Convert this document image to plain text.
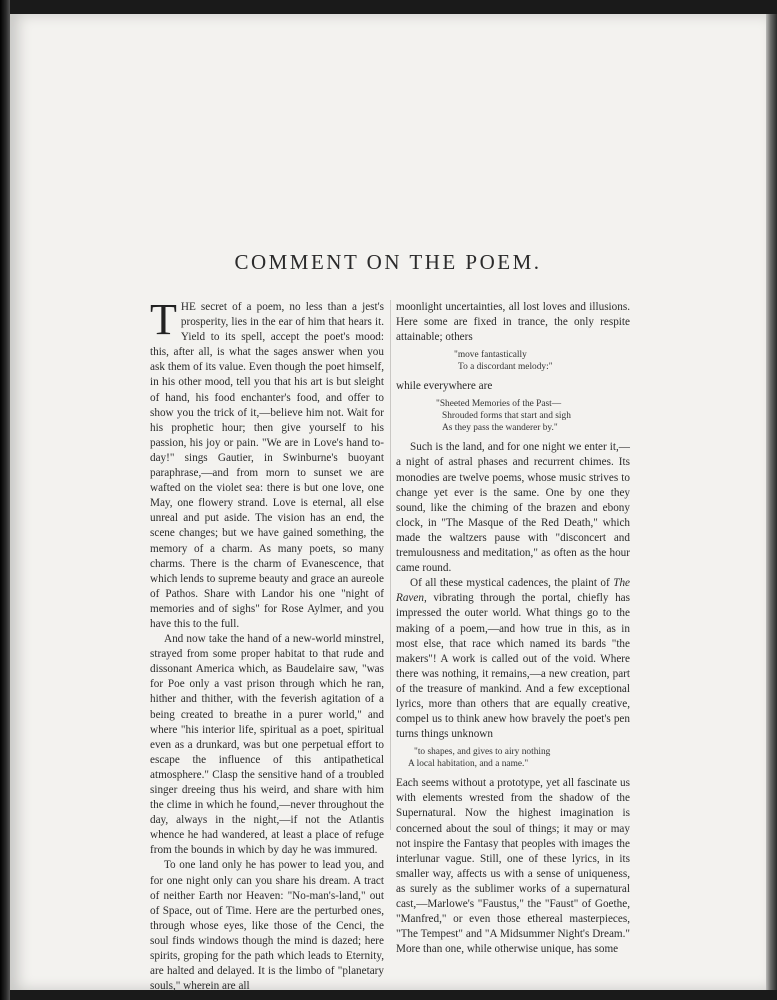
COMMENT ON THE POEM.

THE secret of a poem, no less than a jest's prosperity, lies in the ear of him that hears it. Yield to its spell, accept the poet's mood: this, after all, is what the sages answer when you ask them of its value. Even though the poet himself, in his other mood, tell you that his art is but sleight of hand, his food enchanter's food, and offer to show you the trick of it,—believe him not. Wait for his prophetic hour; then give yourself to his passion, his joy or pain. "We are in Love's hand to-day!" sings Gautier, in Swinburne's buoyant paraphrase,—and from morn to sunset we are wafted on the violet sea: there is but one love, one May, one flowery strand. Love is eternal, all else unreal and put aside. The vision has an end, the scene changes; but we have gained something, the memory of a charm. As many poets, so many charms. There is the charm of Evanescence, that which lends to supreme beauty and grace an aureole of Pathos. Share with Landor his one "night of memories and of sighs" for Rose Aylmer, and you have this to the full.

And now take the hand of a new-world minstrel, strayed from some proper habitat to that rude and dissonant America which, as Baudelaire saw, "was for Poe only a vast prison through which he ran, hither and thither, with the feverish agitation of a being created to breathe in a purer world," and where "his interior life, spiritual as a poet, spiritual even as a drunkard, was but one perpetual effort to escape the influence of this antipathetical atmosphere." Clasp the sensitive hand of a troubled singer dreeing thus his weird, and share with him the clime in which he found,—never throughout the day, always in the night,—if not the Atlantis whence he had wandered, at least a place of refuge from the bounds in which by day he was immured.

To one land only he has power to lead you, and for one night only can you share his dream. A tract of neither Earth nor Heaven: "No-man's-land," out of Space, out of Time. Here are the perturbed ones, through whose eyes, like those of the Cenci, the soul finds windows though the mind is dazed; here spirits, groping for the path which leads to Eternity, are halted and delayed. It is the limbo of "planetary souls," wherein are all

moonlight uncertainties, all lost loves and illusions. Here some are fixed in trance, the only respite attainable; others

"move fantastically
To a discordant melody:"

while everywhere are

"Sheeted Memories of the Past—
Shrouded forms that start and sigh
As they pass the wanderer by."

Such is the land, and for one night we enter it,—a night of astral phases and recurrent chimes. Its monodies are twelve poems, whose music strives to change yet ever is the same. One by one they sound, like the chiming of the brazen and ebony clock, in "The Masque of the Red Death," which made the waltzers pause with "disconcert and tremulousness and meditation," as often as the hour came round.

Of all these mystical cadences, the plaint of The Raven, vibrating through the portal, chiefly has impressed the outer world. What things go to the making of a poem,—and how true in this, as in most else, that race which named its bards "the makers"! A work is called out of the void. Where there was nothing, it remains,—a new creation, part of the treasure of mankind. And a few exceptional lyrics, more than others that are equally creative, compel us to think anew how bravely the poet's pen turns things unknown

"to shapes, and gives to airy nothing
A local habitation, and a name."

Each seems without a prototype, yet all fascinate us with elements wrested from the shadow of the Supernatural. Now the highest imagination is concerned about the soul of things; it may or may not inspire the Fantasy that peoples with images the interlunar vague. Still, one of these lyrics, in its smaller way, affects us with a sense of uniqueness, as surely as the sublimer works of a supernatural cast,—Marlowe's "Faustus," the "Faust" of Goethe, "Manfred," or even those ethereal masterpieces, "The Tempest" and "A Midsummer Night's Dream." More than one, while otherwise unique, has some
